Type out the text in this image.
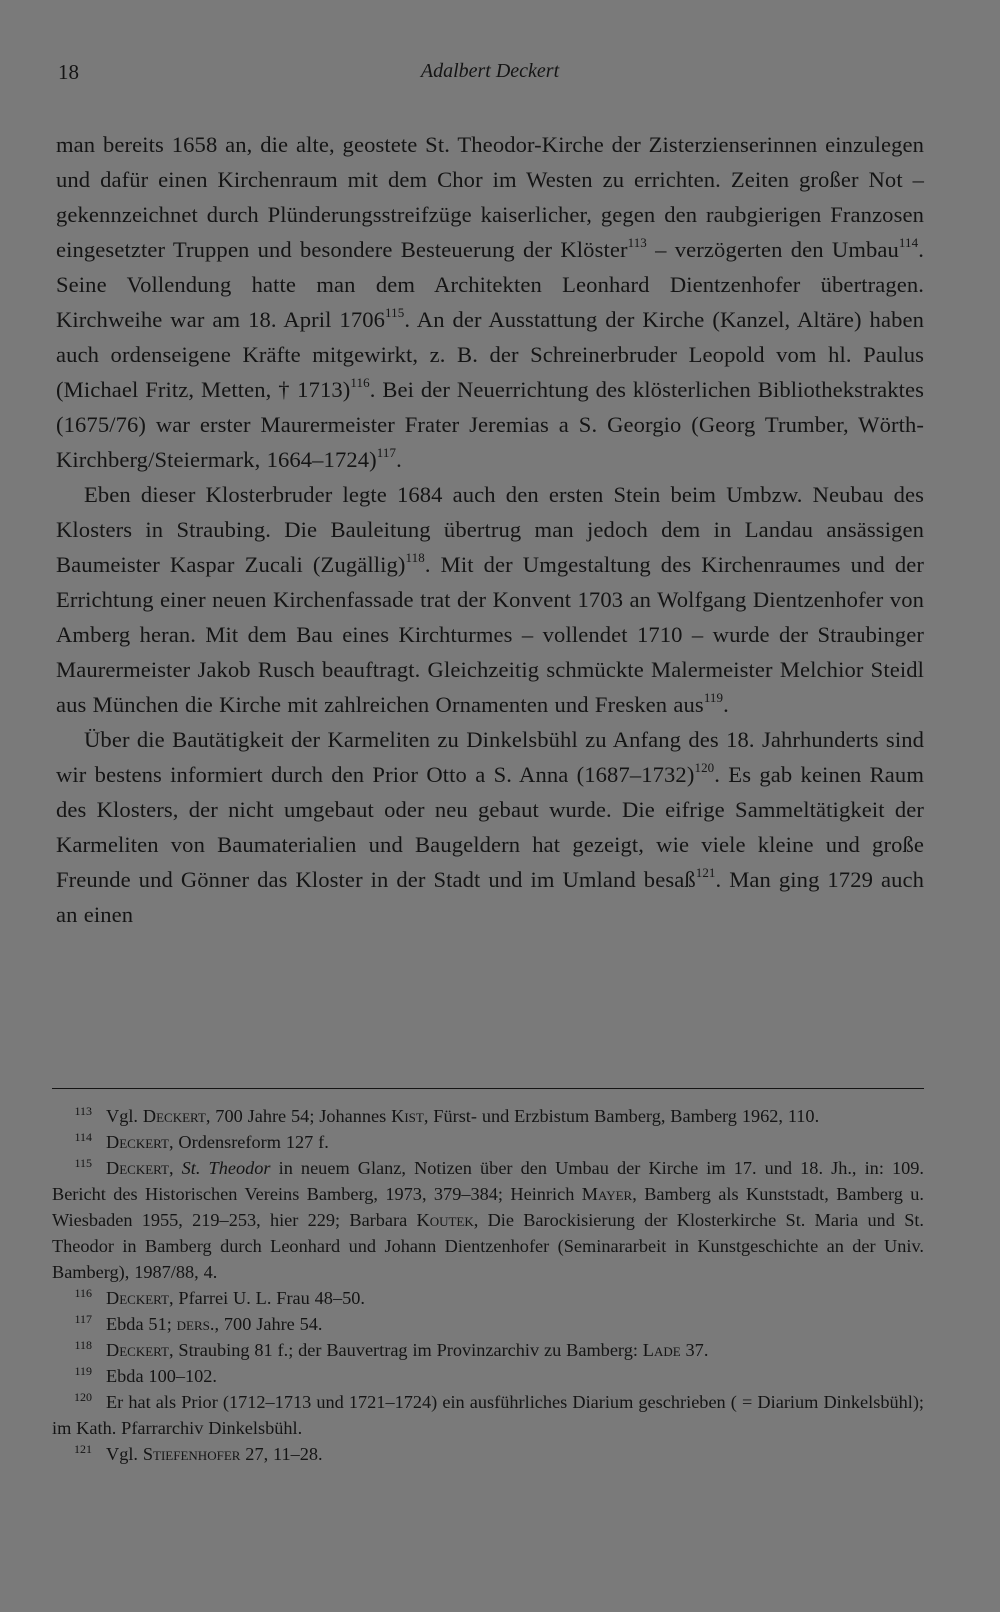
18	Adalbert Deckert

man bereits 1658 an, die alte, geostete St. Theodor-Kirche der Zisterzienserinnen einzulegen und dafür einen Kirchenraum mit dem Chor im Westen zu errichten. Zeiten großer Not – gekennzeichnet durch Plünderungsstreifzüge kaiserlicher, gegen den raubgierigen Franzosen eingesetzter Truppen und besondere Besteuerung der Klöster$^{113}$ – verzögerten den Umbau$^{114}$. Seine Vollendung hatte man dem Architekten Leonhard Dientzenhofer übertragen. Kirchweihe war am 18. April 1706$^{115}$. An der Ausstattung der Kirche (Kanzel, Altäre) haben auch ordenseigene Kräfte mitgewirkt, z. B. der Schreinerbruder Leopold vom hl. Paulus (Michael Fritz, Metten, † 1713)$^{116}$. Bei der Neuerrichtung des klösterlichen Bibliothekstraktes (1675/76) war erster Maurermeister Frater Jeremias a S. Georgio (Georg Trumber, Wörth-Kirchberg/Steiermark, 1664–1724)$^{117}$.

Eben dieser Klosterbruder legte 1684 auch den ersten Stein beim Umbzw. Neubau des Klosters in Straubing. Die Bauleitung übertrug man jedoch dem in Landau ansässigen Baumeister Kaspar Zucali (Zugällig)$^{118}$. Mit der Umgestaltung des Kirchenraumes und der Errichtung einer neuen Kirchenfassade trat der Konvent 1703 an Wolfgang Dientzenhofer von Amberg heran. Mit dem Bau eines Kirchturmes – vollendet 1710 – wurde der Straubinger Maurermeister Jakob Rusch beauftragt. Gleichzeitig schmückte Malermeister Melchior Steidl aus München die Kirche mit zahlreichen Ornamenten und Fresken aus$^{119}$.

Über die Bautätigkeit der Karmeliten zu Dinkelsbühl zu Anfang des 18. Jahrhunderts sind wir bestens informiert durch den Prior Otto a S. Anna (1687–1732)$^{120}$. Es gab keinen Raum des Klosters, der nicht umgebaut oder neu gebaut wurde. Die eifrige Sammeltätigkeit der Karmeliten von Baumaterialien und Baugeldern hat gezeigt, wie viele kleine und große Freunde und Gönner das Kloster in der Stadt und im Umland besaß$^{121}$. Man ging 1729 auch an einen

$^{113}$ Vgl. Deckert, 700 Jahre 54; Johannes Kist, Fürst- und Erzbistum Bamberg, Bamberg 1962, 110.

$^{114}$ Deckert, Ordensreform 127 f.

$^{115}$ Deckert, St. Theodor in neuem Glanz, Notizen über den Umbau der Kirche im 17. und 18. Jh., in: 109. Bericht des Historischen Vereins Bamberg, 1973, 379–384; Heinrich Mayer, Bamberg als Kunststadt, Bamberg u. Wiesbaden 1955, 219–253, hier 229; Barbara Koutek, Die Barockisierung der Klosterkirche St. Maria und St. Theodor in Bamberg durch Leonhard und Johann Dientzenhofer (Seminararbeit in Kunstgeschichte an der Univ. Bamberg), 1987/88, 4.

$^{116}$ Deckert, Pfarrei U. L. Frau 48–50.

$^{117}$ Ebda 51; ders., 700 Jahre 54.

$^{118}$ Deckert, Straubing 81 f.; der Bauvertrag im Provinzarchiv zu Bamberg: Lade 37.

$^{119}$ Ebda 100–102.

$^{120}$ Er hat als Prior (1712–1713 und 1721–1724) ein ausführliches Diarium geschrieben ( = Diarium Dinkelsbühl); im Kath. Pfarrarchiv Dinkelsbühl.

$^{121}$ Vgl. Stiefenhofer 27, 11–28.
